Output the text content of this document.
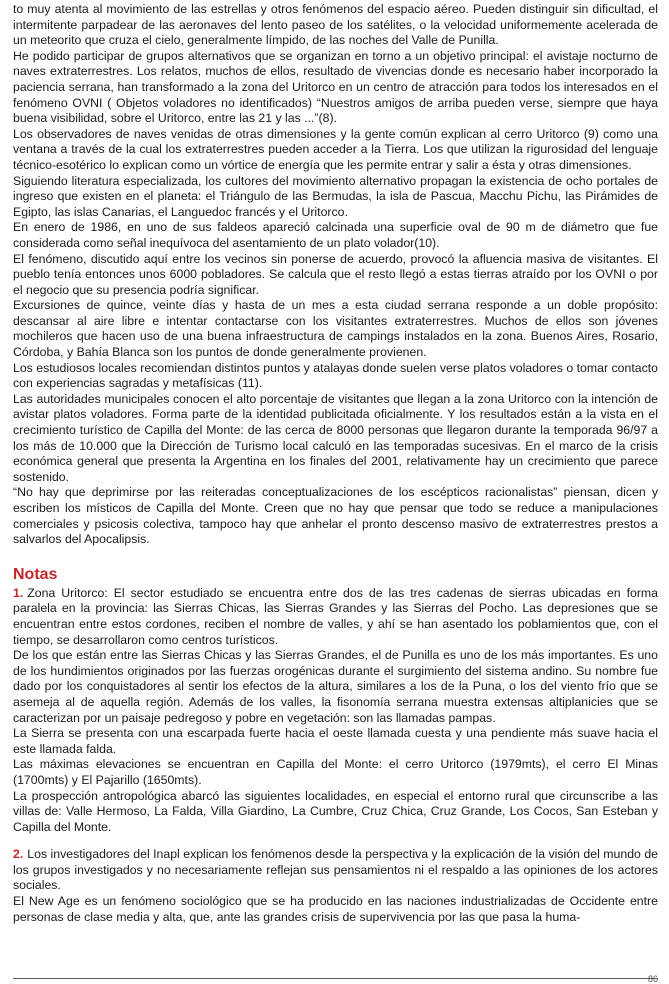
to muy atenta al movimiento de las estrellas y otros fenómenos del espacio aéreo. Pueden distinguir sin dificultad, el intermitente parpadear de las aeronaves del lento paseo de los satélites, o la velocidad uniformemente acelerada de un meteorito que cruza el cielo, generalmente límpido, de las noches del Valle de Punilla.

He podido participar de grupos alternativos que se organizan en torno a un objetivo principal: el avistaje nocturno de naves extraterrestres. Los relatos, muchos de ellos, resultado de vivencias donde es necesario haber incorporado la paciencia serrana, han transformado a la zona del Uritorco en un centro de atracción para todos los interesados en el fenómeno OVNI ( Objetos voladores no identificados) “Nuestros amigos de arriba pueden verse, siempre que haya buena visibilidad, sobre el Uritorco, entre las 21 y las ...”(8).

Los observadores de naves venidas de otras dimensiones y la gente común explican al cerro Uritorco (9) como una ventana a través de la cual los extraterrestres pueden acceder a la Tierra. Los que utilizan la rigurosidad del lenguaje técnico-esotérico lo explican como un vórtice de energía que les permite entrar y salir a ésta y otras dimensiones.

Siguiendo literatura especializada, los cultores del movimiento alternativo propagan la existencia de ocho portales de ingreso que existen en el planeta: el Triángulo de las Bermudas, la isla de Pascua, Macchu Pichu, las Pirámides de Egipto, las islas Canarias, el Languedoc francés y el Uritorco.

En enero de 1986, en uno de sus faldeos apareció calcinada una superficie oval de 90 m de diámetro que fue considerada como señal inequívoca del asentamiento de un plato volador(10).

El fenómeno, discutido aquí entre los vecinos sin ponerse de acuerdo, provocó la afluencia masiva de visitantes. El pueblo tenía entonces unos 6000 pobladores. Se calcula que el resto llegó a estas tierras atraído por los OVNI o por el negocio que su presencia podría significar.

Excursiones de quince, veinte días y hasta de un mes a esta ciudad serrana responde a un doble propósito: descansar al aire libre e intentar contactarse con los visitantes extraterrestres. Muchos de ellos son jóvenes mochileros que hacen uso de una buena infraestructura de campings instalados en la zona. Buenos Aires, Rosario, Córdoba, y Bahía Blanca son los puntos de donde generalmente provienen.

Los estudiosos locales recomiendan distintos puntos y atalayas donde suelen verse platos voladores o tomar contacto con experiencias sagradas y metafísicas (11).

Las autoridades municipales conocen el alto porcentaje de visitantes que llegan a la zona Uritorco con la intención de avistar platos voladores. Forma parte de la identidad publicitada oficialmente. Y los resultados están a la vista en el crecimiento turístico de Capilla del Monte: de las cerca de 8000 personas que llegaron durante la temporada 96/97 a los más de 10.000 que la Dirección de Turismo local calculó en las temporadas sucesivas. En el marco de la crisis económica general que presenta la Argentina en los finales del 2001, relativamente hay un crecimiento que parece sostenido.

“No hay que deprimirse por las reiteradas conceptualizaciones de los escépticos racionalistas” piensan, dicen y escriben los místicos de Capilla del Monte. Creen que no hay que pensar que todo se reduce a manipulaciones comerciales y psicosis colectiva, tampoco hay que anhelar el pronto descenso masivo de extraterrestres prestos a salvarlos del Apocalipsis.

Notas

1. Zona Uritorco: El sector estudiado se encuentra entre dos de las tres cadenas de sierras ubicadas en forma paralela en la provincia: las Sierras Chicas, las Sierras Grandes y las Sierras del Pocho. Las depresiones que se encuentran entre estos cordones, reciben el nombre de valles, y ahí se han asentado los poblamientos que, con el tiempo, se desarrollaron como centros turísticos.

De los que están entre las Sierras Chicas y las Sierras Grandes, el de Punilla es uno de los más importantes. Es uno de los hundimientos originados por las fuerzas orogénicas durante el surgimiento del sistema andino. Su nombre fue dado por los conquistadores al sentir los efectos de la altura, similares a los de la Puna, o los del viento frío que se asemeja al de aquella región. Además de los valles, la fisonomía serrana muestra extensas altiplanicies que se caracterizan por un paisaje pedregoso y pobre en vegetación: son las llamadas pampas.

La Sierra se presenta con una escarpada fuerte hacia el oeste llamada cuesta y una pendiente más suave hacia el este llamada falda.

Las máximas elevaciones se encuentran en Capilla del Monte: el cerro Uritorco (1979mts), el cerro El Minas (1700mts) y El Pajarillo (1650mts).

La prospección antropológica abarcó las siguientes localidades, en especial el entorno rural que circunscribe a las villas de: Valle Hermoso, La Falda, Villa Giardino, La Cumbre, Cruz Chica, Cruz Grande, Los Cocos, San Esteban y Capilla del Monte.

2. Los investigadores del Inapl explican los fenómenos desde la perspectiva y la explicación de la visión del mundo de los grupos investigados y no necesariamente reflejan sus pensamientos ni el respaldo a las opiniones de los actores sociales.

El New Age es un fenómeno sociológico que se ha producido en las naciones industrializadas de Occidente entre personas de clase media y alta, que, ante las grandes crisis de supervivencia por las que pasa la huma-

86
